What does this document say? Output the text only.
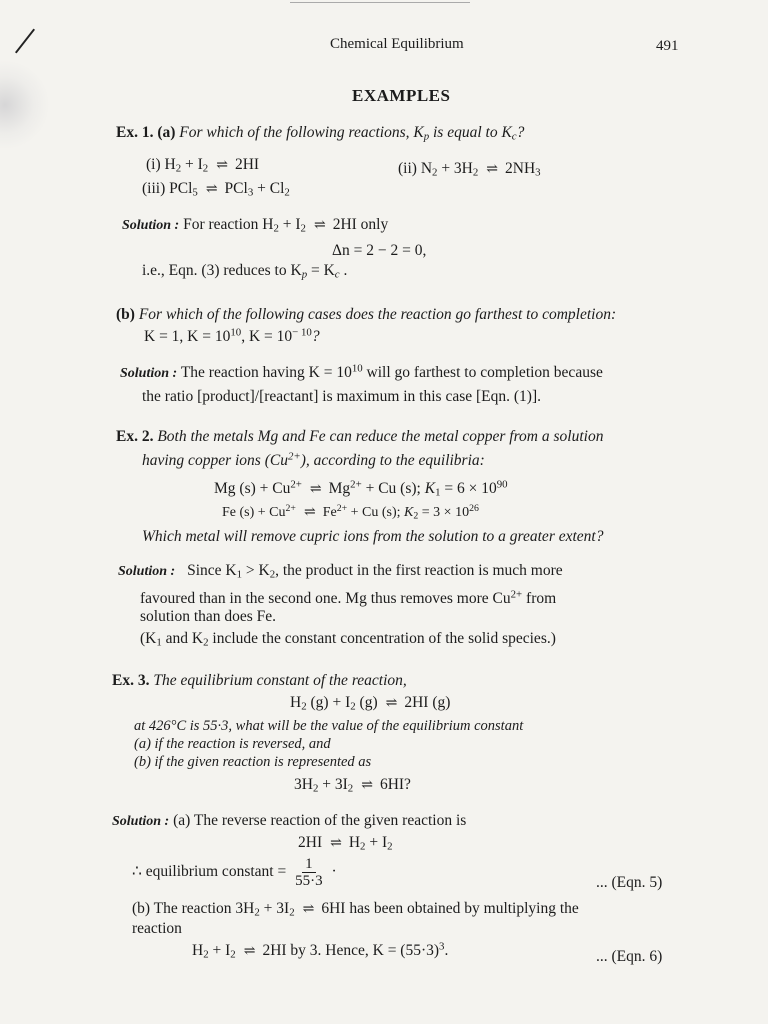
Chemical Equilibrium	491
EXAMPLES
Ex. 1. (a) For which of the following reactions, $K_p$ is equal to $K_c$?
(i) $H_2 + I_2$ ⇌ 2HI	(ii) $N_2 + 3H_2$ ⇌ $2NH_3$
(iii) PCl$_5$ ⇌ $PCl_3 + Cl_2$
Solution : For reaction $H_2 + I_2$ ⇌ 2HI only
Δn = 2 − 2 = 0,
i.e., Eqn. (3) reduces to $K_p = K_c$ .
(b) For which of the following cases does the reaction go farthest to completion:
K = 1, $K = 10^{10}$, $K = 10^{- 10}$?
Solution : The reaction having $K = 10^{10}$ will go farthest to completion because
the ratio [product]/[reactant] is maximum in this case [Eqn. (1)].
Ex. 2. Both the metals Mg and Fe can reduce the metal copper from a solution
having copper ions $(Cu^{2+})$, according to the equilibria:
Mg $(s) + Cu^{2+}$ ⇌ $Mg^{2+} + Cu$ (s); $K_1 = 6 \times 10^{90}$
Fe $(s) + Cu^{2+}$ ⇌ $Fe^{2+} + Cu$ (s); $K_2 = 3 \times 10^{26}$
Which metal will remove cupric ions from the solution to a greater extent?
Solution : Since $K_1 > K_2$, the product in the first reaction is much more
favoured than in the second one. Mg thus removes more $Cu^{2+}$ from
solution than does Fe.
($K_1$ and $K_2$ include the constant concentration of the solid species.)
Ex. 3. The equilibrium constant of the reaction,
$H_2$ $(g) + I_2$ (g) ⇌ 2HI (g)
at 426°C is 55·3, what will be the value of the equilibrium constant
(a) if the reaction is reversed, and
(b) if the given reaction is represented as
$3H_2 + 3I_2$ ⇌ 6HI?
Solution : (a) The reverse reaction of the given reaction is
2HI ⇌ $H_2 + I_2$
∴ equilibrium constant = $\frac{1}{55\cdot 3}$ ·
... (Eqn. 5)
(b) The reaction $3H_2 + 3I_2$ ⇌ 6HI has been obtained by multiplying the
reaction
$H_2 + I_2$ ⇌ 2HI by 3. Hence, $K = (55\cdot 3)^3$.	... (Eqn. 6)
